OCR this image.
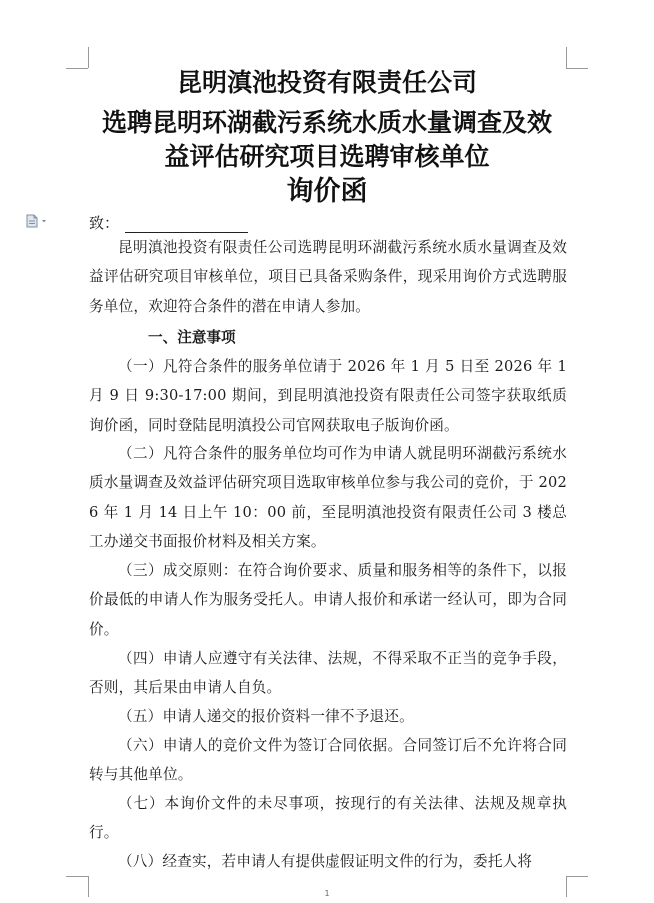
昆明滇池投资有限责任公司
选聘昆明环湖截污系统水质水量调查及效
益评估研究项目选聘审核单位
询价函
致：
昆明滇池投资有限责任公司选聘昆明环湖截污系统水质水量调查及效益评估研究项目审核单位，项目已具备采购条件，现采用询价方式选聘服务单位，欢迎符合条件的潜在申请人参加。
一、注意事项
（一）凡符合条件的服务单位请于 2026 年 1 月 5 日至 2026 年 1 月 9 日 9:30-17:00 期间，到昆明滇池投资有限责任公司签字获取纸质询价函，同时登陆昆明滇投公司官网获取电子版询价函。
（二）凡符合条件的服务单位均可作为申请人就昆明环湖截污系统水质水量调查及效益评估研究项目选取审核单位参与我公司的竞价，于 2026 年 1 月 14 日上午 10：00 前，至昆明滇池投资有限责任公司 3 楼总工办递交书面报价材料及相关方案。
（三）成交原则：在符合询价要求、质量和服务相等的条件下，以报价最低的申请人作为服务受托人。申请人报价和承诺一经认可，即为合同价。
（四）申请人应遵守有关法律、法规，不得采取不正当的竞争手段，否则，其后果由申请人自负。
（五）申请人递交的报价资料一律不予退还。
（六）申请人的竞价文件为签订合同依据。合同签订后不允许将合同转与其他单位。
（七）本询价文件的未尽事项，按现行的有关法律、法规及规章执行。
（八）经查实，若申请人有提供虚假证明文件的行为，委托人将
1
